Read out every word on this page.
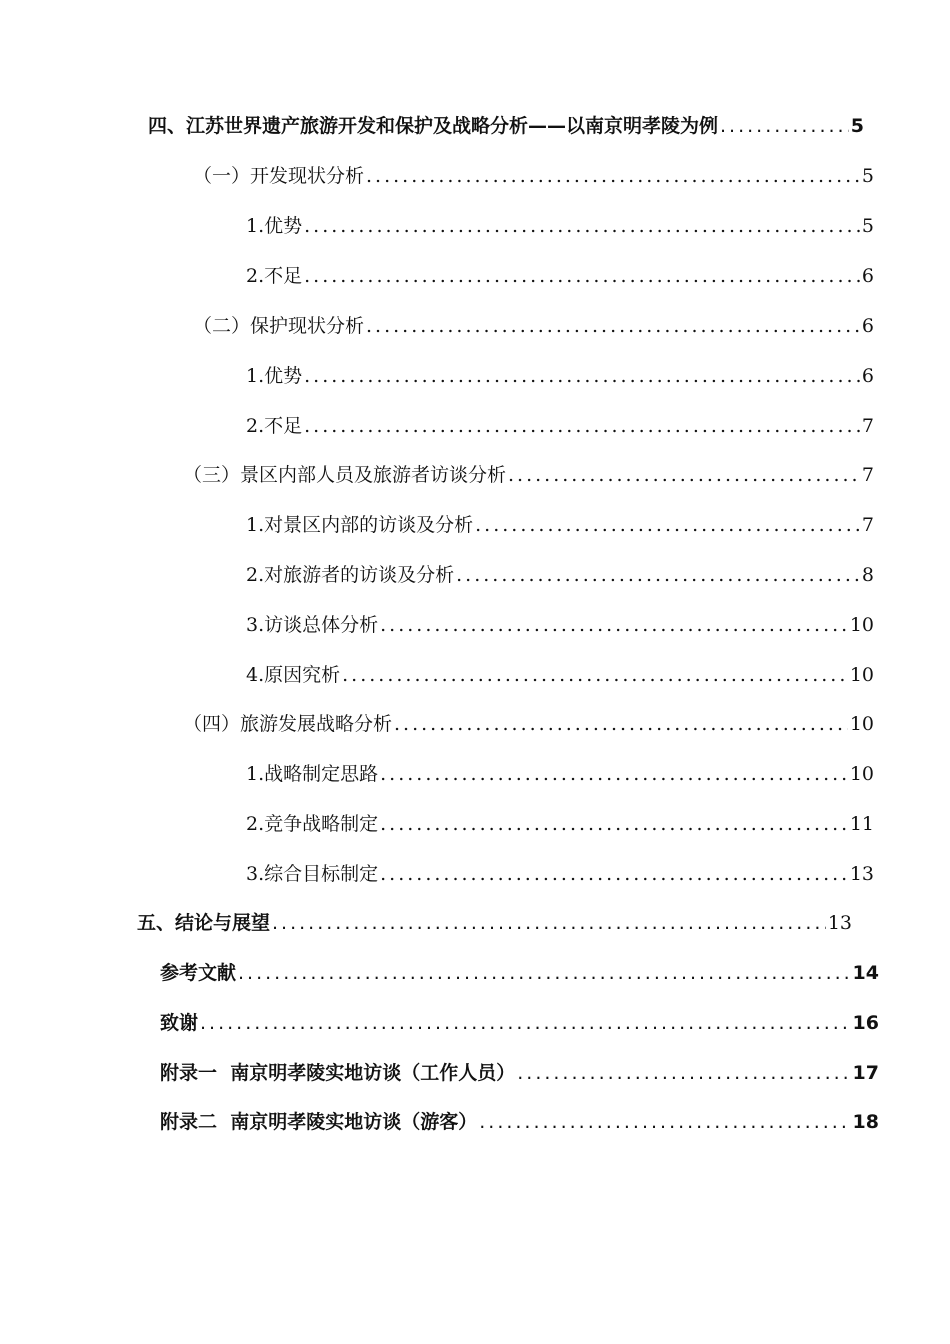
四、江苏世界遗产旅游开发和保护及战略分析——以南京明孝陵为例 .....	5
（一）开发现状分析 .....	5
1.优势 .....	5
2.不足 .....	6
（二）保护现状分析 .....	6
1.优势 .....	6
2.不足 .....	7
（三）景区内部人员及旅游者访谈分析 .....	7
1.对景区内部的访谈及分析 .....	7
2.对旅游者的访谈及分析 .....	8
3.访谈总体分析 .....	10
4.原因究析 .....	10
（四）旅游发展战略分析 .....	10
1.战略制定思路 .....	10
2.竞争战略制定 .....	11
3.综合目标制定 .....	13
五、结论与展望 .....	13
参考文献 .....	14
致谢 .....	16
附录一  南京明孝陵实地访谈（工作人员） .....	17
附录二  南京明孝陵实地访谈（游客） .....	18
